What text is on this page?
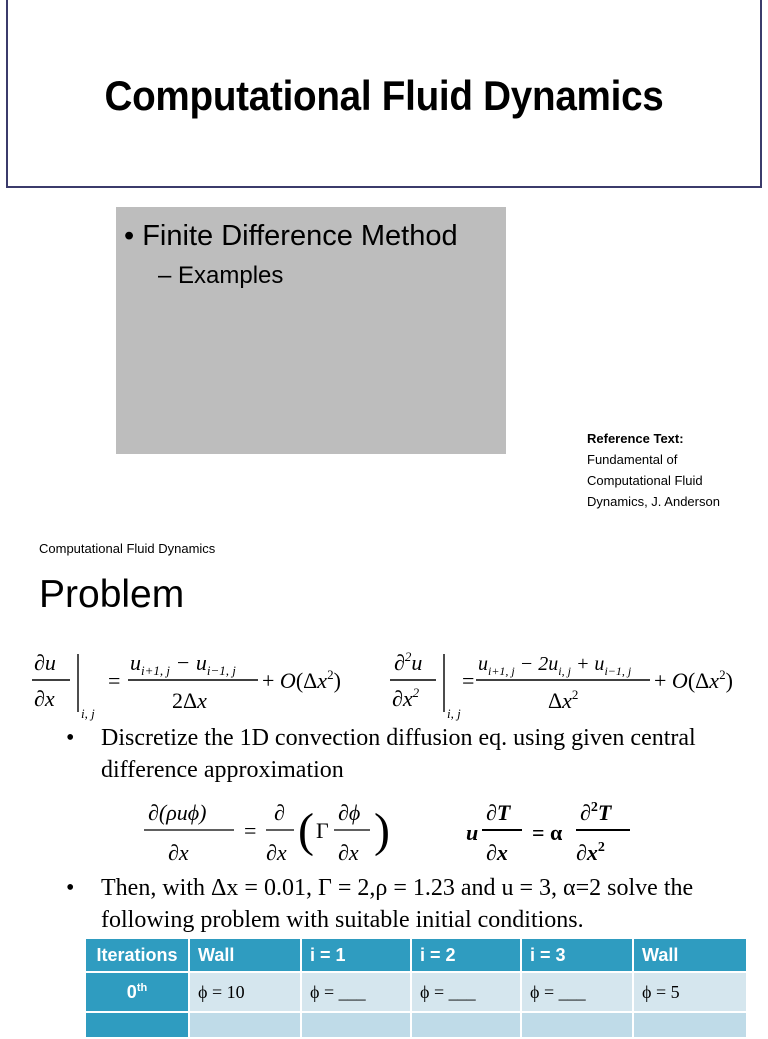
Computational Fluid Dynamics
• Finite Difference Method
– Examples
Reference Text:
Fundamental of
Computational Fluid
Dynamics, J. Anderson
Computational Fluid Dynamics
Problem
∂u
∂x
i, j
=
$u_{i+1, j} - u_{i-1, j}$
2Δx
+ $O(\Delta x^2)$
∂$^2$u
$\partial x^2$
i, j
=
$u_{i+1, j} - 2u_{i, j} + u_{i-1, j}$
$\Delta x^2$
+ $O(\Delta x^2)$
• Discretize the 1D convection diffusion eq. using given central difference approximation
∂(ρuϕ)
∂x
=
∂
∂x ( Γ
∂ϕ
∂x )	u
∂T
∂x
= α
∂$^2$T
$\partial x^2$
• Then, with Δx = 0.01, Γ = 2,ρ = 1.23 and u = 3, α=2 solve the following problem with suitable initial conditions.
Iterations	Wall	i = 1	i = 2	i = 3	Wall
0th	ϕ = 10	ϕ = ___	ϕ = ___	ϕ = ___	ϕ = 5
